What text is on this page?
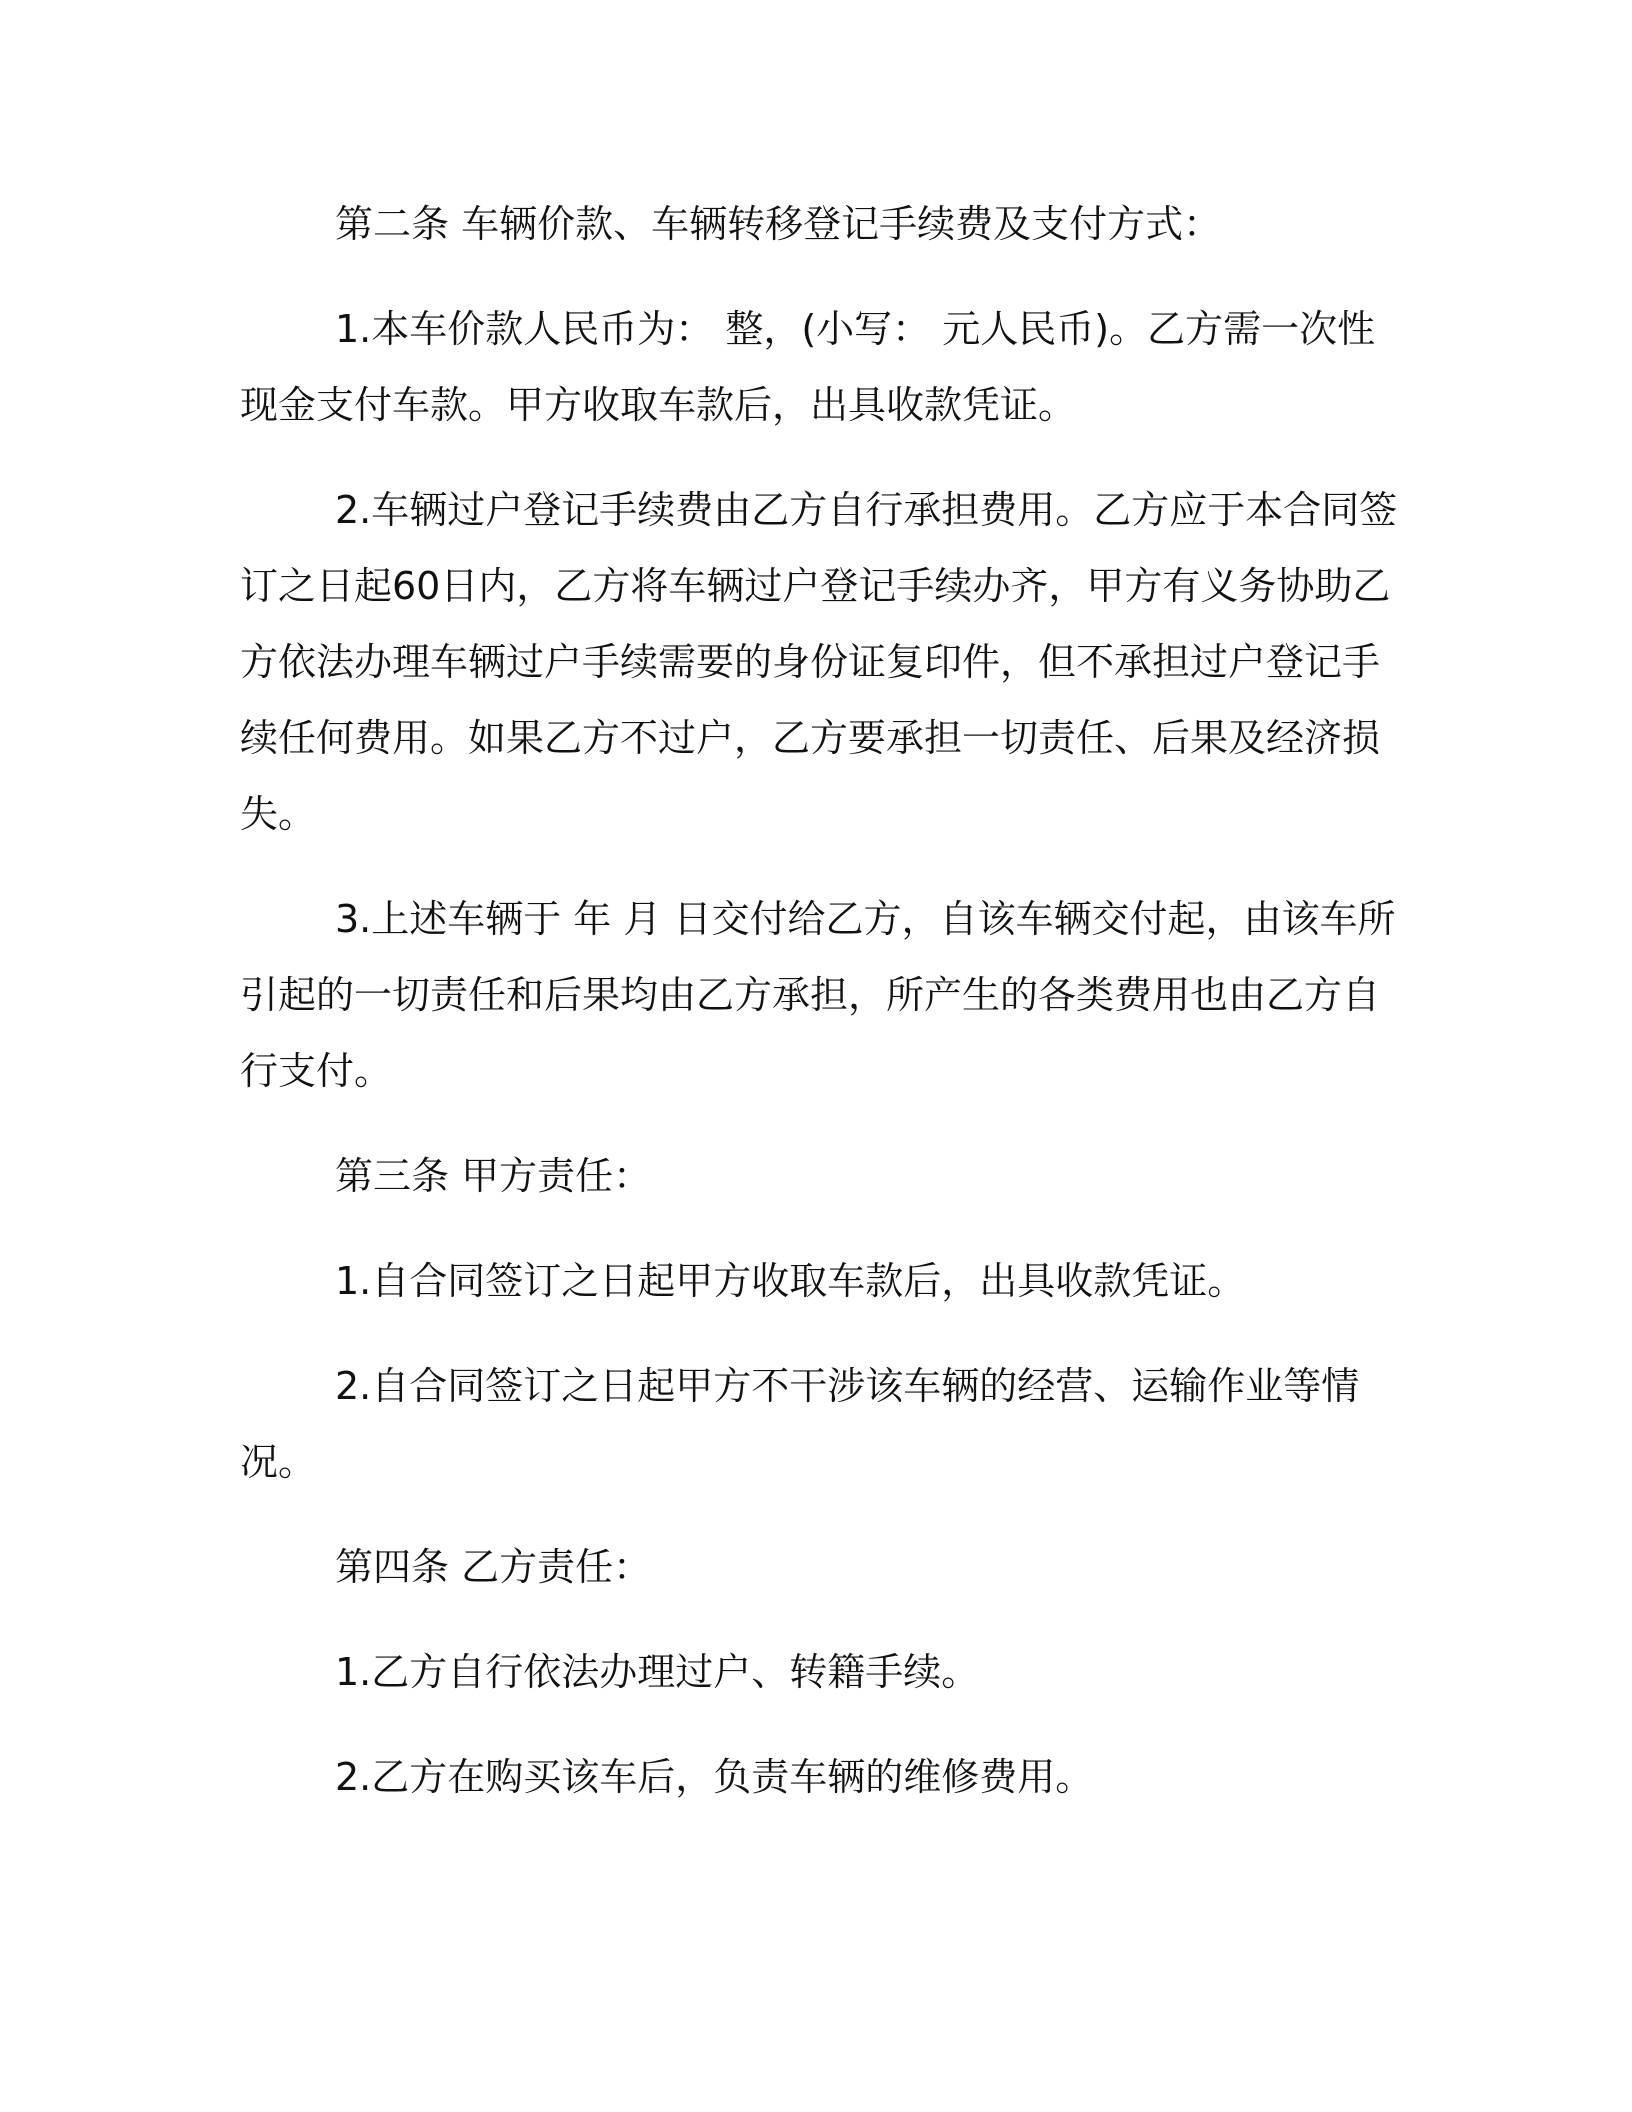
第二条 车辆价款、车辆转移登记手续费及支付方式：

1.本车价款人民币为： 整，(小写： 元人民币)。乙方需一次性现金支付车款。甲方收取车款后，出具收款凭证。

2.车辆过户登记手续费由乙方自行承担费用。乙方应于本合同签订之日起60日内，乙方将车辆过户登记手续办齐，甲方有义务协助乙方依法办理车辆过户手续需要的身份证复印件，但不承担过户登记手续任何费用。如果乙方不过户，乙方要承担一切责任、后果及经济损失。

3.上述车辆于 年 月 日交付给乙方，自该车辆交付起，由该车所引起的一切责任和后果均由乙方承担，所产生的各类费用也由乙方自行支付。

第三条 甲方责任：

1.自合同签订之日起甲方收取车款后，出具收款凭证。

2.自合同签订之日起甲方不干涉该车辆的经营、运输作业等情况。

第四条 乙方责任：

1.乙方自行依法办理过户、转籍手续。

2.乙方在购买该车后，负责车辆的维修费用。
